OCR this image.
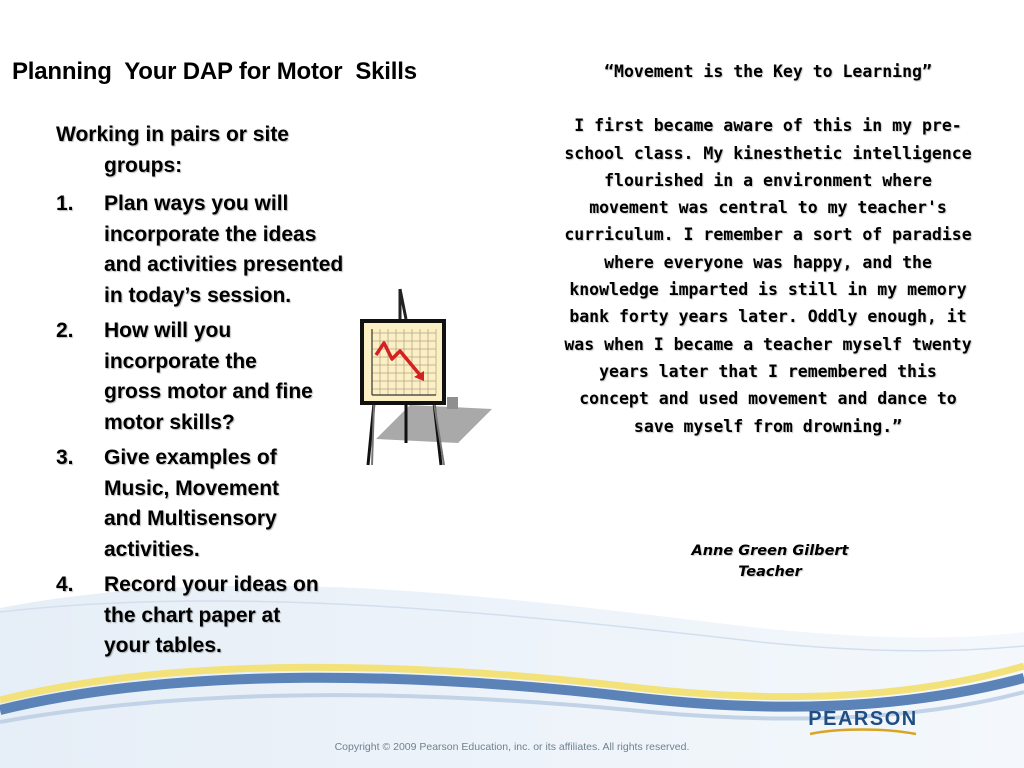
Planning  Your DAP for Motor  Skills

Working in pairs or site groups:

1.	Plan ways you will incorporate the ideas and activities presented in today’s session.
2.	How will you incorporate the gross motor and fine motor skills?
3.	Give examples of Music, Movement and Multisensory activities.
4.	Record your ideas on the chart paper at your tables.

“Movement is the Key to Learning”

I first became aware of this in my pre-school class. My kinesthetic intelligence flourished in a environment where movement was central to my teacher's curriculum. I remember a sort of paradise where everyone was happy, and the knowledge imparted is still in my memory bank forty years later. Oddly enough, it was when I became a teacher myself twenty years later that I remembered this concept and used movement and dance to save myself from drowning.”

Anne Green Gilbert
Teacher
PEARSON
Copyright © 2009 Pearson Education, inc. or its affiliates. All rights reserved.
